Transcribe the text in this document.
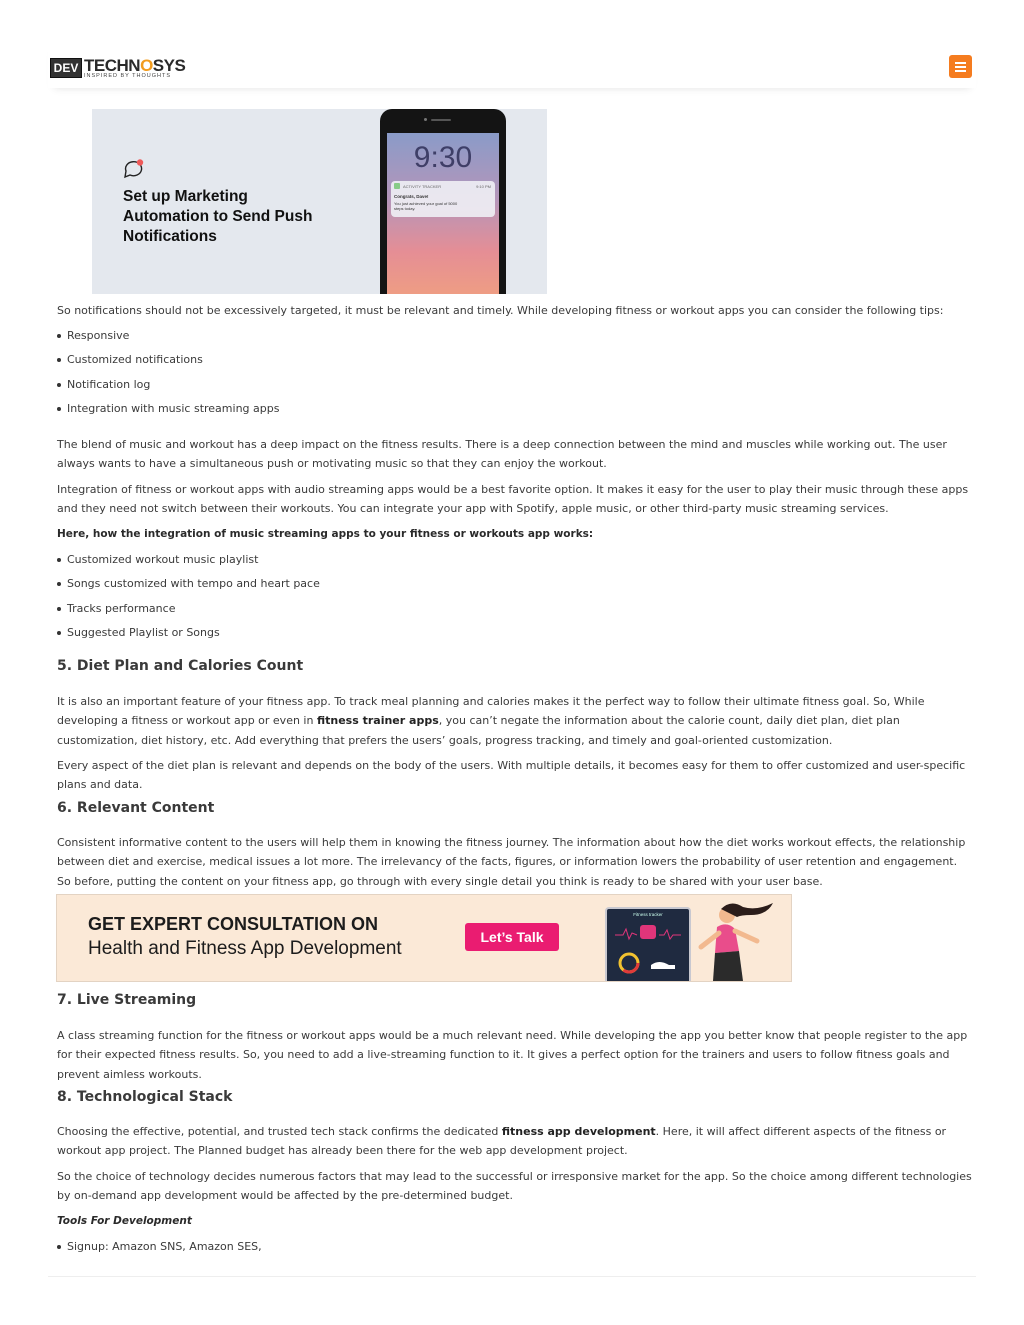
DEV TECHNOSYS
INSPIRED BY THOUGHTS
Set up Marketing Automation to Send Push Notifications
9:30
ACTIVITY TRACKER	9:10 PM
Congrats, Dave!
You just achieved your goal of 5000 steps today.

So notifications should not be excessively targeted, it must be relevant and timely. While developing fitness or workout apps you can consider the following tips:

Responsive

Customized notifications

Notification log

Integration with music streaming apps

The blend of music and workout has a deep impact on the fitness results. There is a deep connection between the mind and muscles while working out. The user always wants to have a simultaneous push or motivating music so that they can enjoy the workout.

Integration of fitness or workout apps with audio streaming apps would be a best favorite option. It makes it easy for the user to play their music through these apps and they need not switch between their workouts. You can integrate your app with Spotify, apple music, or other third-party music streaming services.

Here, how the integration of music streaming apps to your fitness or workouts app works:

Customized workout music playlist

Songs customized with tempo and heart pace

Tracks performance

Suggested Playlist or Songs

5. Diet Plan and Calories Count

It is also an important feature of your fitness app. To track meal planning and calories makes it the perfect way to follow their ultimate fitness goal. So, While developing a fitness or workout app or even in fitness trainer apps, you can’t negate the information about the calorie count, daily diet plan, diet plan customization, diet history, etc. Add everything that prefers the users’ goals, progress tracking, and timely and goal-oriented customization.

Every aspect of the diet plan is relevant and depends on the body of the users. With multiple details, it becomes easy for them to offer customized and user-specific plans and data.

6. Relevant Content

Consistent informative content to the users will help them in knowing the fitness journey. The information about how the diet works workout effects, the relationship between diet and exercise, medical issues a lot more. The irrelevancy of the facts, figures, or information lowers the probability of user retention and engagement. So before, putting the content on your fitness app, go through with every single detail you think is ready to be shared with your user base.

GET EXPERT CONSULTATION ON
Health and Fitness App Development
Let’s Talk
Fitness tracker
7. Live Streaming

A class streaming function for the fitness or workout apps would be a much relevant need. While developing the app you better know that people register to the app for their expected fitness results. So, you need to add a live-streaming function to it. It gives a perfect option for the trainers and users to follow fitness goals and prevent aimless workouts.

8. Technological Stack

Choosing the effective, potential, and trusted tech stack confirms the dedicated fitness app development. Here, it will affect different aspects of the fitness or workout app project. The Planned budget has already been there for the web app development project.

So the choice of technology decides numerous factors that may lead to the successful or irresponsive market for the app. So the choice among different technologies by on-demand app development would be affected by the pre-determined budget.

Tools For Development

Signup: Amazon SNS, Amazon SES,
